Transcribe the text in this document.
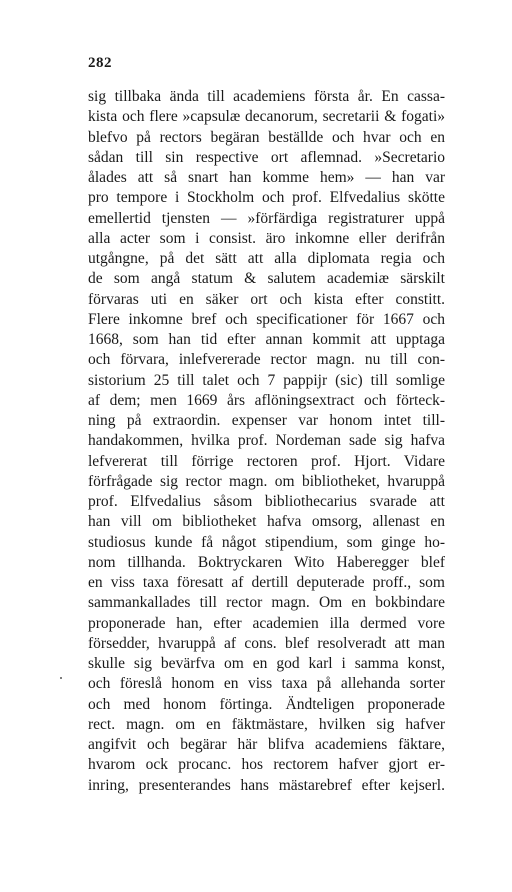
282
sig tillbaka ända till academiens första år. En cassa-
kista och flere »capsulæ decanorum, secretarii & fogati»
blefvo på rectors begäran beställde och hvar och en
sådan till sin respective ort aflemnad. »Secretario
ålades att så snart han komme hem» — han var
pro tempore i Stockholm och prof. Elfvedalius skötte
emellertid tjensten — »förfärdiga registraturer uppå
alla acter som i consist. äro inkomne eller derifrån
utgångne, på det sätt att alla diplomata regia och
de som angå statum & salutem academiæ särskilt
förvaras uti en säker ort och kista efter constitt.
Flere inkomne bref och specificationer för 1667 och
1668, som han tid efter annan kommit att upptaga
och förvara, inlefvererade rector magn. nu till con-
sistorium 25 till talet och 7 pappijr (sic) till somlige
af dem; men 1669 års aflöningsextract och förteck-
ning på extraordin. expenser var honom intet till-
handakommen, hvilka prof. Nordeman sade sig hafva
lefvererat till förrige rectoren prof. Hjort. Vidare
förfrågade sig rector magn. om bibliotheket, hvaruppå
prof. Elfvedalius såsom bibliothecarius svarade att
han vill om bibliotheket hafva omsorg, allenast en
studiosus kunde få något stipendium, som ginge ho-
nom tillhanda. Boktryckaren Wito Haberegger blef
en viss taxa föresatt af dertill deputerade proff., som
sammankallades till rector magn. Om en bokbindare
proponerade han, efter academien illa dermed vore
försedder, hvaruppå af cons. blef resolveradt att man
skulle sig bevärfva om en god karl i samma konst,
och föreslå honom en viss taxa på allehanda sorter
och med honom förtinga. Ändteligen proponerade
rect. magn. om en fäktmästare, hvilken sig hafver
angifvit och begärar här blifva academiens fäktare,
hvarom ock procanc. hos rectorem hafver gjort er-
inring, presenterandes hans mästarebref efter kejserl.
